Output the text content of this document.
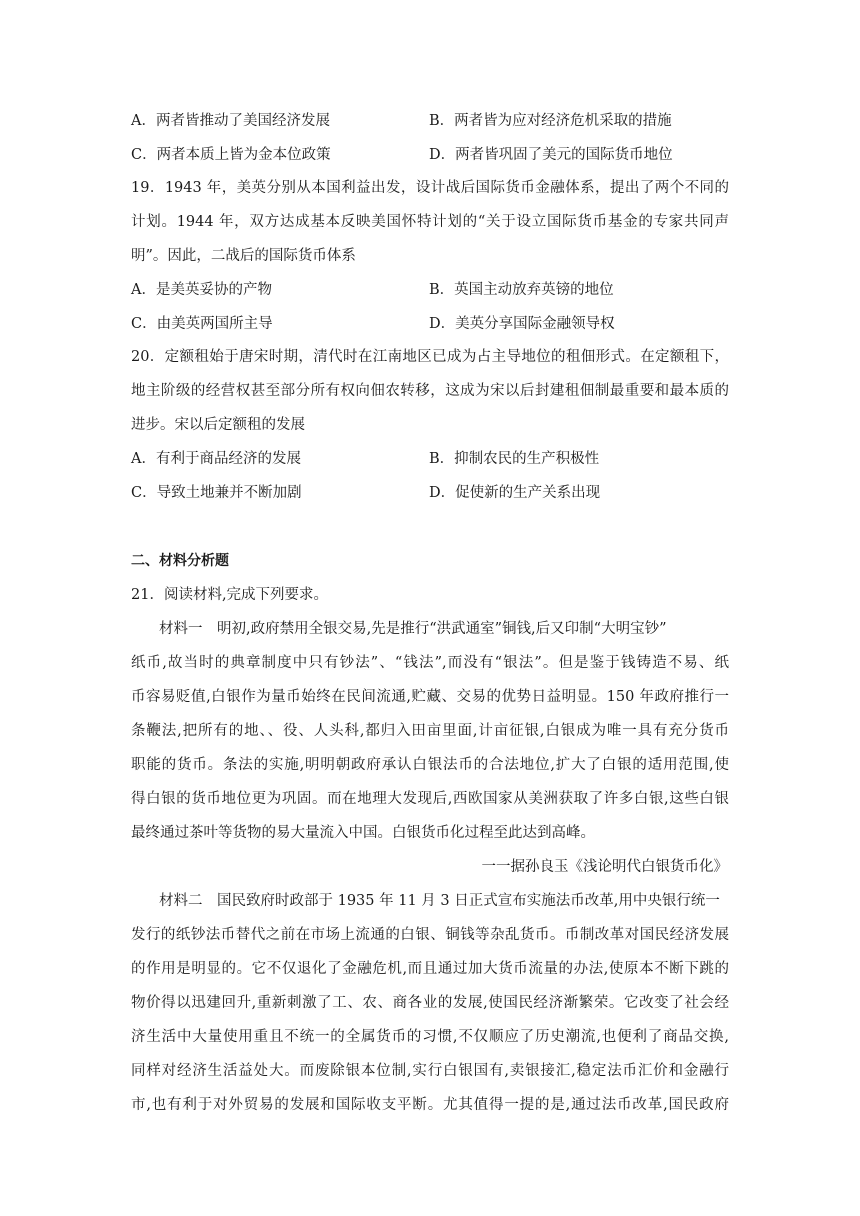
A．两者皆推动了美国经济发展	B．两者皆为应对经济危机采取的措施
C．两者本质上皆为金本位政策	D．两者皆巩固了美元的国际货币地位
19．1943 年，美英分别从本国利益出发，设计战后国际货币金融体系，提出了两个不同的
计划。1944 年，双方达成基本反映美国怀特计划的“关于设立国际货币基金的专家共同声
明”。因此，二战后的国际货币体系
A．是美英妥协的产物	B．英国主动放弃英镑的地位
C．由美英两国所主导	D．美英分享国际金融领导权
20．定额租始于唐宋时期，清代时在江南地区已成为占主导地位的租佃形式。在定额租下，
地主阶级的经营权甚至部分所有权向佃农转移，这成为宋以后封建租佃制最重要和最本质的
进步。宋以后定额租的发展
A．有利于商品经济的发展	B．抑制农民的生产积极性
C．导致土地兼并不断加剧	D．促使新的生产关系出现
二、材料分析题
21．阅读材料,完成下列要求。
材料一　明初,政府禁用全银交易,先是推行“洪武通室”铜钱,后又印制“大明宝钞”
纸币,故当时的典章制度中只有钞法”、“钱法”,而没有“银法”。但是鉴于钱铸造不易、纸
币容易贬值,白银作为量币始终在民间流通,贮藏、交易的优势日益明显。150 年政府推行一
条鞭法,把所有的地、、役、人头科,都归入田亩里面,计亩征银,白银成为唯一具有充分货币
职能的货币。条法的实施,明明朝政府承认白银法币的合法地位,扩大了白银的适用范围,使
得白银的货币地位更为巩固。而在地理大发现后,西欧国家从美洲获取了许多白银,这些白银
最终通过茶叶等货物的易大量流入中国。白银货币化过程至此达到高峰。
一一据孙良玉《浅论明代白银货币化》
材料二　国民致府时政部于 1935 年 11 月 3 日正式宣布实施法币改革,用中央银行统一
发行的纸钞法币替代之前在市场上流通的白银、铜钱等杂乱货币。币制改革对国民经济发展
的作用是明显的。它不仅退化了金融危机,而且通过加大货币流量的办法,使原本不断下跳的
物价得以迅建回升,重新刺激了工、农、商各业的发展,使国民经济渐繁荣。它改变了社会经
济生活中大量使用重且不统一的全属货币的习惯,不仅顺应了历史潮流,也便利了商品交换,
同样对经济生活益处大。而废除银本位制,实行白银国有,卖银接汇,稳定法币汇价和金融行
市,也有利于对外贸易的发展和国际收支平断。尤其值得一提的是,通过法币改革,国民政府
